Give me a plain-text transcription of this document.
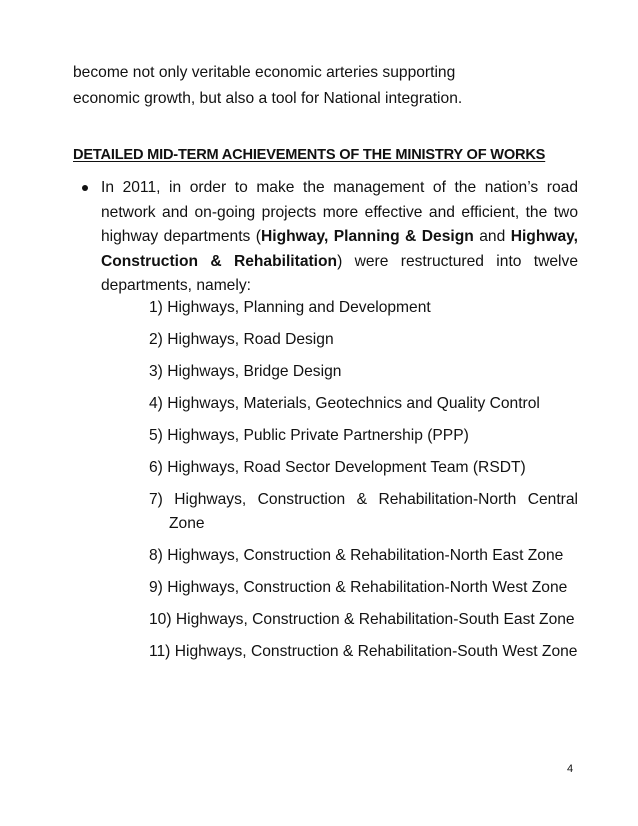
become not only veritable economic arteries supporting
economic growth, but also a tool for National integration.

DETAILED MID-TERM ACHIEVEMENTS OF THE MINISTRY OF WORKS

In 2011, in order to make the management of the nation’s road network and on-going projects more effective and efficient, the two highway departments (Highway, Planning & Design and Highway, Construction & Rehabilitation) were restructured into twelve departments, namely:

1) Highways, Planning and Development
2) Highways, Road Design
3) Highways, Bridge Design
4) Highways, Materials, Geotechnics and Quality Control
5) Highways, Public Private Partnership (PPP)
6) Highways, Road Sector Development Team (RSDT)
7) Highways, Construction & Rehabilitation-North Central Zone
8) Highways, Construction & Rehabilitation-North East Zone
9) Highways, Construction & Rehabilitation-North West Zone
10) Highways, Construction & Rehabilitation-South East Zone
11) Highways, Construction & Rehabilitation-South West Zone
4
